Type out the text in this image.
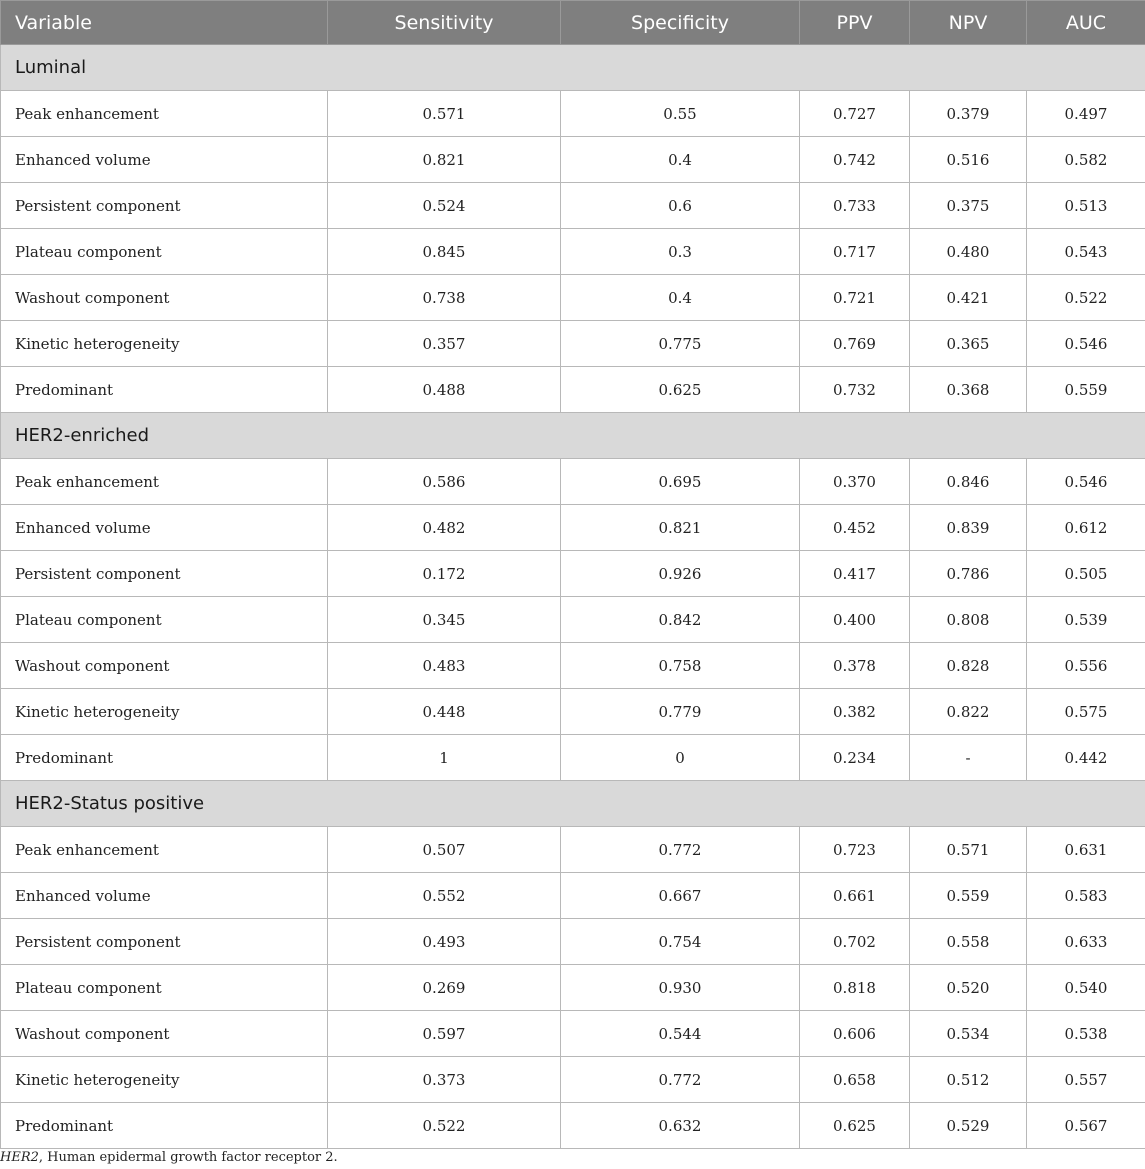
Variable	Sensitivity	Specificity	PPV	NPV	AUC
Luminal					
Peak enhancement	0.571	0.55	0.727	0.379	0.497
Enhanced volume	0.821	0.4	0.742	0.516	0.582
Persistent component	0.524	0.6	0.733	0.375	0.513
Plateau component	0.845	0.3	0.717	0.480	0.543
Washout component	0.738	0.4	0.721	0.421	0.522
Kinetic heterogeneity	0.357	0.775	0.769	0.365	0.546
Predominant	0.488	0.625	0.732	0.368	0.559
HER2-enriched					
Peak enhancement	0.586	0.695	0.370	0.846	0.546
Enhanced volume	0.482	0.821	0.452	0.839	0.612
Persistent component	0.172	0.926	0.417	0.786	0.505
Plateau component	0.345	0.842	0.400	0.808	0.539
Washout component	0.483	0.758	0.378	0.828	0.556
Kinetic heterogeneity	0.448	0.779	0.382	0.822	0.575
Predominant	1	0	0.234	-	0.442
HER2-Status positive					
Peak enhancement	0.507	0.772	0.723	0.571	0.631
Enhanced volume	0.552	0.667	0.661	0.559	0.583
Persistent component	0.493	0.754	0.702	0.558	0.633
Plateau component	0.269	0.930	0.818	0.520	0.540
Washout component	0.597	0.544	0.606	0.534	0.538
Kinetic heterogeneity	0.373	0.772	0.658	0.512	0.557
Predominant	0.522	0.632	0.625	0.529	0.567
HER2, Human epidermal growth factor receptor 2.
